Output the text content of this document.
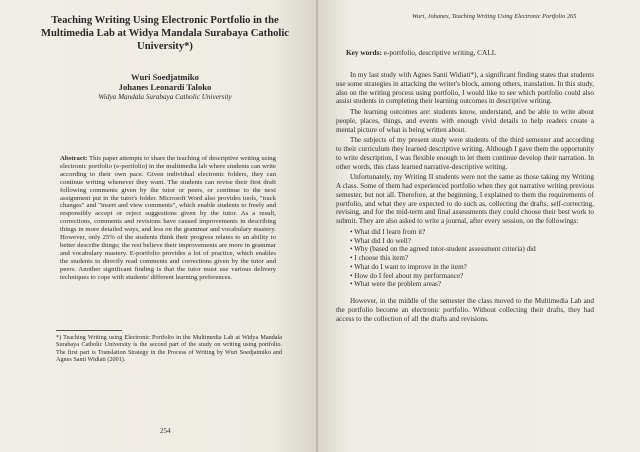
Teaching Writing Using Electronic Portfolio in the Multimedia Lab at Widya Mandala Surabaya Catholic University*)
Wuri Soedjatmiko
Johanes Leonardi Taloko
Widya Mandala Surabaya Catholic University
Abstract: This paper attempts to share the teaching of descriptive writing using electronic portfolio (e-portfolio) in the multimedia lab where students can write according to their own pace. Given individual electronic folders, they can continue writing whenever they want. The students can revise their first draft following comments given by the tutor or peers, or continue to the next assignment put in the tutor's folder. Microsoft Word also provides tools, "track changes" and "insert and view comments", which enable students to freely and responsibly accept or reject suggestions given by the tutor. As a result, corrections, comments and revisions have caused improvements in describing things in more detailed ways, and less on the grammar and vocabulary mastery. However, only 25% of the students think their progress relates to an ability to better describe things; the rest believe their improvements are more in grammar and vocabulary mastery. E-portfolio provides a lot of practice, which enables the students to directly read comments and corrections given by the tutor and peers. Another significant finding is that the tutor must use various delivery techniques to cope with students' different learning preferences.
*) Teaching Writing using Electronic Portfolio in the Multimedia Lab at Widya Mandala Surabaya Catholic University is the second part of the study on writing using portfolio. The first part is Translation Strategy in the Process of Writing by Wuri Soedjatmiko and Agnes Santi Widiati (2001).
254
Wuri, Johanes, Teaching Writing Using Electronic Portfolio 265
Key words: e-portfolio, descriptive writing, CALL

In my last study with Agnes Santi Widiati*), a significant finding states that students use some strategies in attacking the writer's block, among others, translation. In this study, also on the writing process using portfolio, I would like to see which portfolio could also assist students in completing their learning outcomes in descriptive writing.

The learning outcomes are: students know, understand, and be able to write about people, places, things, and events with enough vivid details to help readers create a mental picture of what is being written about.

The subjects of my present study were students of the third semester and according to their curriculum they learned descriptive writing. Although I gave them the opportunity to write description, I was flexible enough to let them continue develop their narration. In other words, this class learned narrative-descriptive writing.

Unfortunately, my Writing II students were not the same as those taking my Writing A class. Some of them had experienced portfolio when they got narrative writing previous semester, but not all. Therefore, at the beginning, I explained to them the requirements of portfolio, and what they are expected to do such as, collecting the drafts, self-correcting, revising, and for the mid-term and final assessments they could choose their best work to submit. They are also asked to write a journal, after every session, on the followings:

• What did I learn from it?
• What did I do well?
• Why (based on the agreed tutor-student assessment criteria) did
• I choose this item?
• What do I want to improve in the item?
• How do I feel about my performance?
• What were the problem areas?

However, in the middle of the semester the class moved to the Multimedia Lab and the portfolio become an electronic portfolio. Without collecting their drafts, they had access to the collection of all the drafts and revisions.
